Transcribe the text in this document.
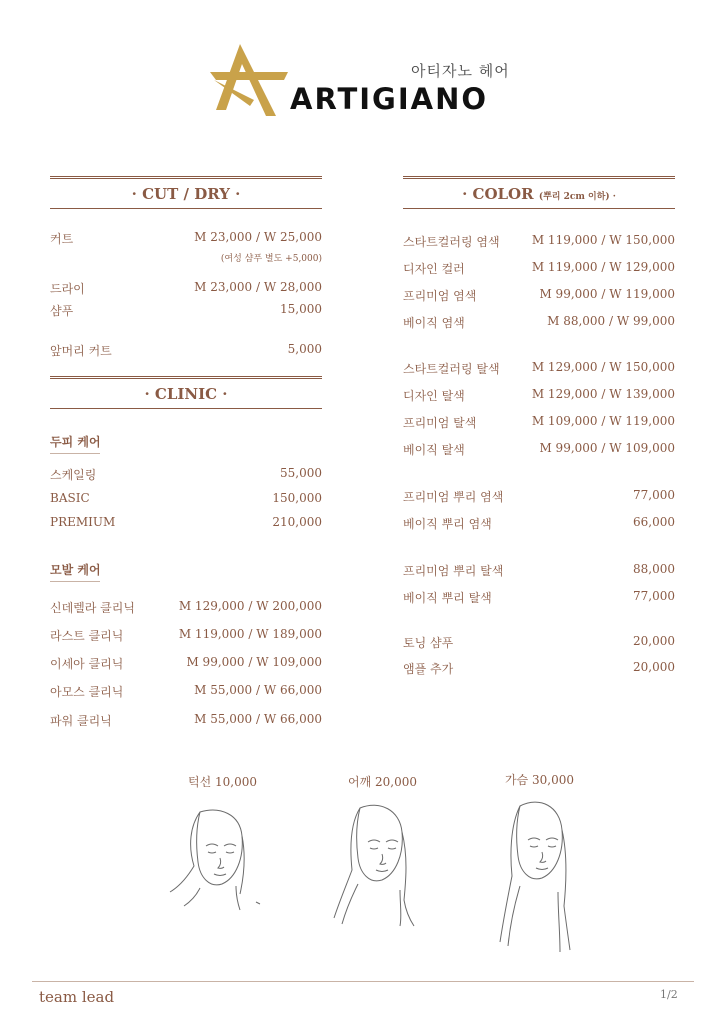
아티자노 헤어
ARTIGIANO
· CUT / DRY ·
커트	M 23,000 / W 25,000
(여성 샴푸 별도 +5,000)
드라이	M 23,000 / W 28,000
샴푸	15,000
앞머리 커트	5,000
· CLINIC ·
두피 케어
스케일링	55,000
BASIC	150,000
PREMIUM	210,000
모발 케어
신데렐라 클리닉	M 129,000 / W 200,000
라스트 클리닉	M 119,000 / W 189,000
이세아 클리닉	M 99,000 / W 109,000
아모스 클리닉	M 55,000 / W 66,000
파워 클리닉	M 55,000 / W 66,000
· COLOR (뿌리 2cm 이하) ·
스타트컬러링 염색	M 119,000 / W 150,000
디자인 컬러	M 119,000 / W 129,000
프리미엄 염색	M 99,000 / W 119,000
베이직 염색	M 88,000 / W 99,000
스타트컬러링 탈색	M 129,000 / W 150,000
디자인 탈색	M 129,000 / W 139,000
프리미엄 탈색	M 109,000 / W 119,000
베이직 탈색	M 99,000 / W 109,000
프리미엄 뿌리 염색	77,000
베이직 뿌리 염색	66,000
프리미엄 뿌리 탈색	88,000
베이직 뿌리 탈색	77,000
토닝 샴푸	20,000
앰플 추가	20,000
턱선 10,000	어깨 20,000	가슴 30,000
team lead	1/2
